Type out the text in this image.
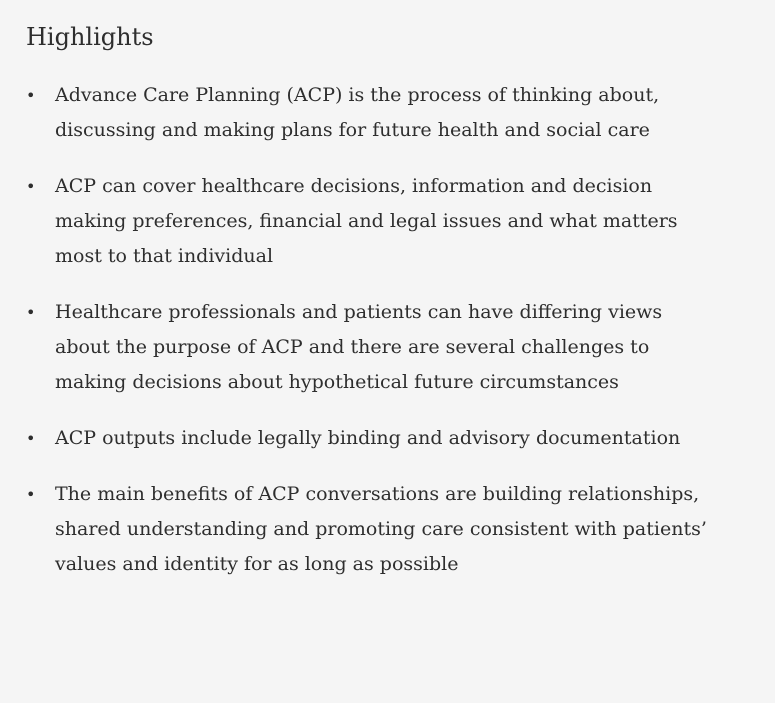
Highlights
• Advance Care Planning (ACP) is the process of thinking about, discussing and making plans for future health and social care
• ACP can cover healthcare decisions, information and decision making preferences, financial and legal issues and what matters most to that individual
• Healthcare professionals and patients can have differing views about the purpose of ACP and there are several challenges to making decisions about hypothetical future circumstances
• ACP outputs include legally binding and advisory documentation
• The main benefits of ACP conversations are building relationships, shared understanding and promoting care consistent with patients’ values and identity for as long as possible
